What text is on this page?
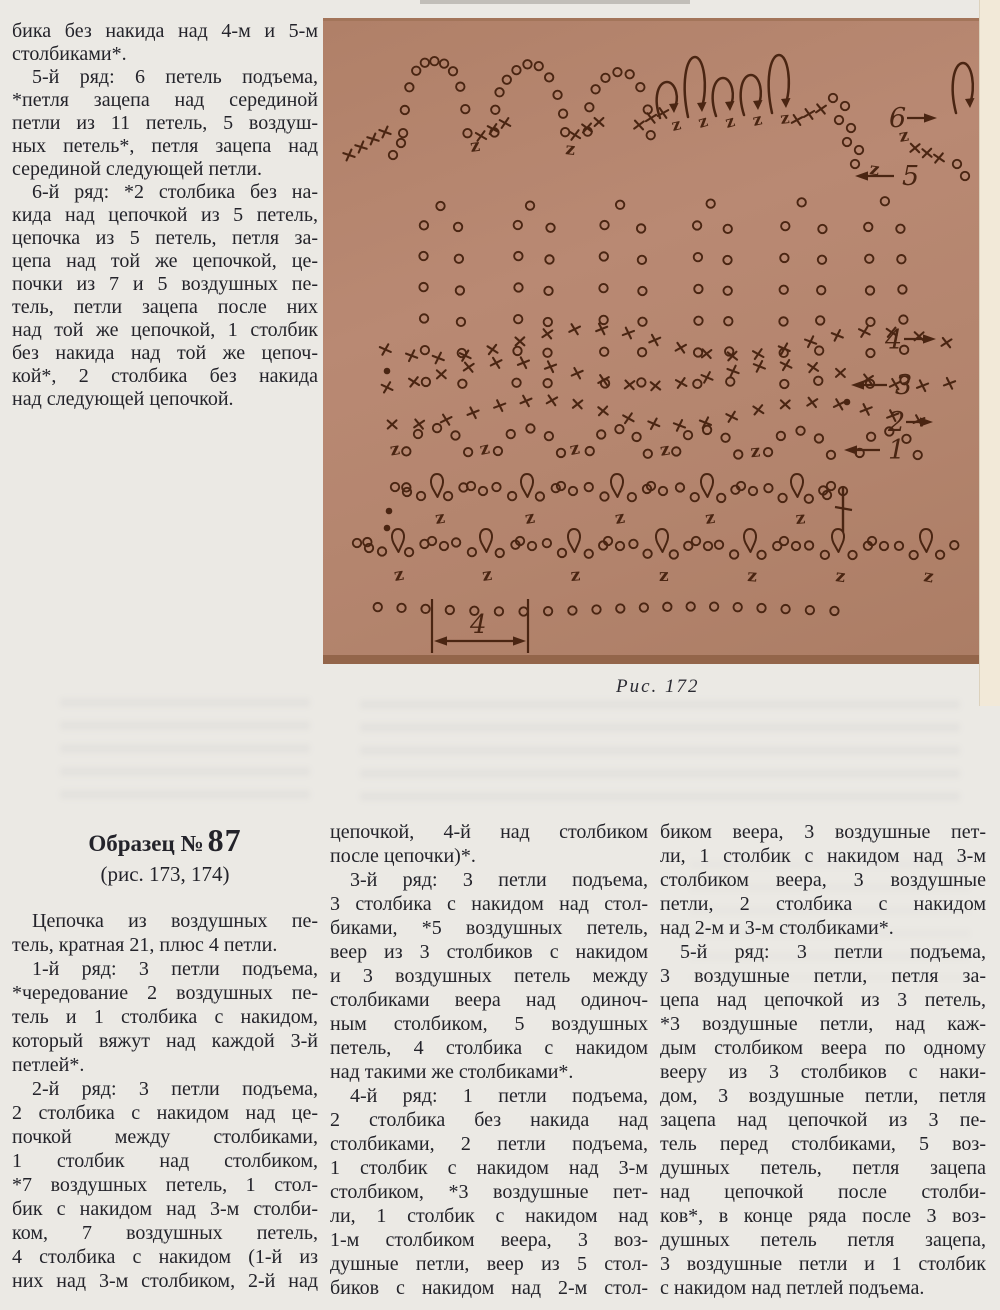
бика без накида над 4-м и 5-м
столбиками*.
5-й ряд: 6 петель подъема,
*петля зацепа над серединой
петли из 11 петель, 5 воздуш-
ных петель*, петля зацепа над
серединой следующей петли.
6-й ряд: *2 столбика без на-
кида над цепочкой из 5 петель,
цепочка из 5 петель, петля за-
цепа над той же цепочкой, це-
почки из 7 и 5 воздушных пе-
тель, петли зацепа после них
над той же цепочкой, 1 столбик
без накида над той же цепоч-
кой*, 2 столбика без накида
над следующей цепочкой.
z	z
z z z z z
z
z
z	z	z	z	z
z	z	z	z	z
z	z	z	z	z	z	z
4
6
5
4
3
2
1
Рис. 172
Образец № 87
(рис. 173, 174)
Цепочка из воздушных пе-
тель, кратная 21, плюс 4 петли.
1-й ряд: 3 петли подъема,
*чередование 2 воздушных пе-
тель и 1 столбика с накидом,
который вяжут над каждой 3-й
петлей*.
2-й ряд: 3 петли подъема,
2 столбика с накидом над це-
почкой между столбиками,
1 столбик над столбиком,
*7 воздушных петель, 1 стол-
бик с накидом над 3-м столби-
ком, 7 воздушных петель,
4 столбика с накидом (1-й из
них над 3-м столбиком, 2-й над
цепочкой, 4-й над столбиком
после цепочки)*.
3-й ряд: 3 петли подъема,
3 столбика с накидом над стол-
биками, *5 воздушных петель,
веер из 3 столбиков с накидом
и 3 воздушных петель между
столбиками веера над одиноч-
ным столбиком, 5 воздушных
петель, 4 столбика с накидом
над такими же столбиками*.
4-й ряд: 1 петли подъема,
2 столбика без накида над
столбиками, 2 петли подъема,
1 столбик с накидом над 3-м
столбиком, *3 воздушные пет-
ли, 1 столбик с накидом над
1-м столбиком веера, 3 воз-
душные петли, веер из 5 стол-
биков с накидом над 2-м стол-
биком веера, 3 воздушные пет-
ли, 1 столбик с накидом над 3-м
столбиком веера, 3 воздушные
петли, 2 столбика с накидом
над 2-м и 3-м столбиками*.
5-й ряд: 3 петли подъема,
3 воздушные петли, петля за-
цепа над цепочкой из 3 петель,
*3 воздушные петли, над каж-
дым столбиком веера по одному
вееру из 3 столбиков с наки-
дом, 3 воздушные петли, петля
зацепа над цепочкой из 3 пе-
тель перед столбиками, 5 воз-
душных петель, петля зацепа
над цепочкой после столби-
ков*, в конце ряда после 3 воз-
душных петель петля зацепа,
3 воздушные петли и 1 столбик
с накидом над петлей подъема.
